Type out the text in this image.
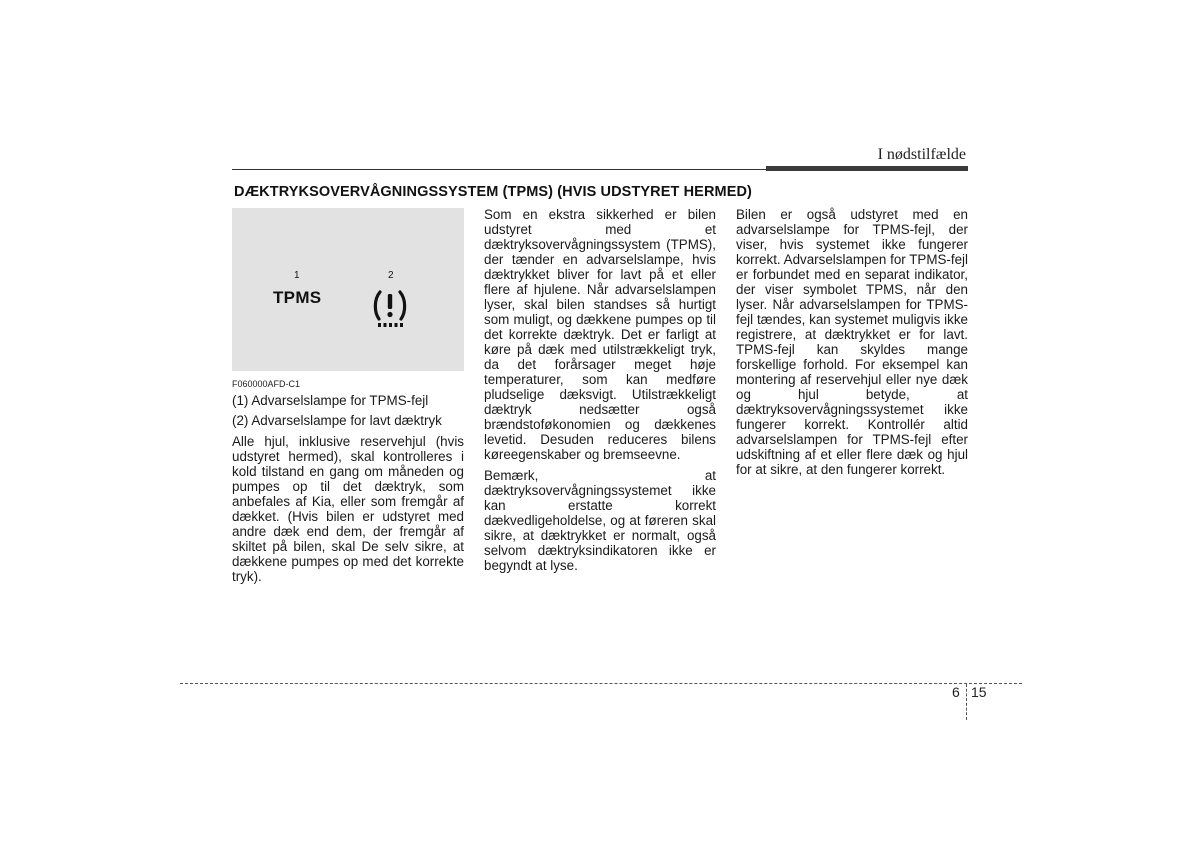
I nødstilfælde
DÆKTRYKSOVERVÅGNINGSSYSTEM (TPMS) (HVIS UDSTYRET HERMED)
1	2
TPMS
F060000AFD-C1
(1) Advarselslampe for TPMS-fejl
(2) Advarselslampe for lavt dæktryk

Alle hjul, inklusive reservehjul (hvis udstyret hermed), skal kontrolleres i kold tilstand en gang om måneden og pumpes op til det dæktryk, som anbefales af Kia, eller som fremgår af dækket. (Hvis bilen er udstyret med andre dæk end dem, der fremgår af skiltet på bilen, skal De selv sikre, at dækkene pumpes op med det korrekte tryk).

Som en ekstra sikkerhed er bilen udstyret med et dæktryksovervågningssystem (TPMS), der tænder en advarselslampe, hvis dæktrykket bliver for lavt på et eller flere af hjulene. Når advarselslampen lyser, skal bilen standses så hurtigt som muligt, og dækkene pumpes op til det korrekte dæktryk. Det er farligt at køre på dæk med utilstrækkeligt tryk, da det forårsager meget høje temperaturer, som kan medføre pludselige dæksvigt. Utilstrækkeligt dæktryk nedsætter også brændstoføkonomien og dækkenes levetid. Desuden reduceres bilens køreegenskaber og bremseevne.

Bemærk, at dæktryksovervågningssystemet ikke kan erstatte korrekt dækvedligeholdelse, og at føreren skal sikre, at dæktrykket er normalt, også selvom dæktryksindikatoren ikke er begyndt at lyse.

Bilen er også udstyret med en advarselslampe for TPMS-fejl, der viser, hvis systemet ikke fungerer korrekt. Advarselslampen for TPMS-fejl er forbundet med en separat indikator, der viser symbolet TPMS, når den lyser. Når advarselslampen for TPMS-fejl tændes, kan systemet muligvis ikke registrere, at dæktrykket er for lavt. TPMS-fejl kan skyldes mange forskellige forhold. For eksempel kan montering af reservehjul eller nye dæk og hjul betyde, at dæktryksovervågningssystemet ikke fungerer korrekt. Kontrollér altid advarselslampen for TPMS-fejl efter udskiftning af et eller flere dæk og hjul for at sikre, at den fungerer korrekt.

6 15
